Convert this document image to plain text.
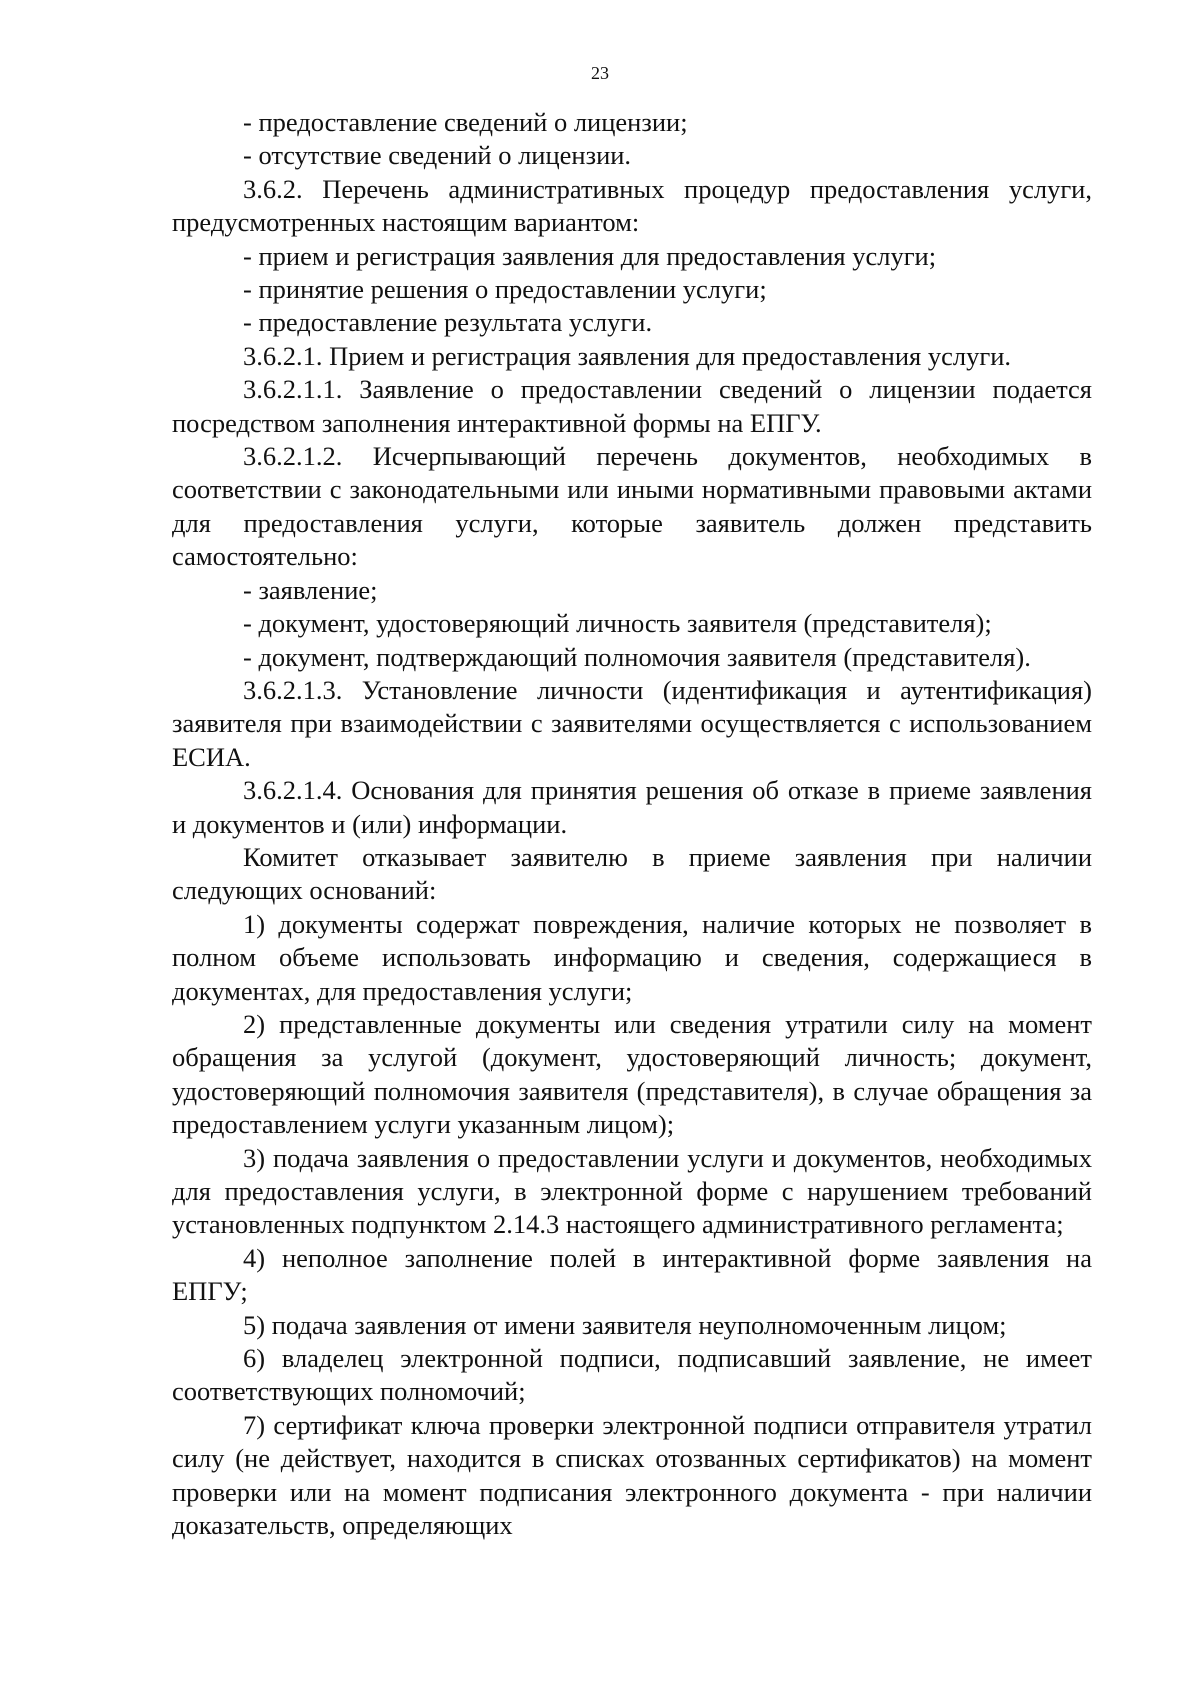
23

- предоставление сведений о лицензии;

- отсутствие сведений о лицензии.

3.6.2. Перечень административных процедур предоставления услуги, предусмотренных настоящим вариантом:

- прием и регистрация заявления для предоставления услуги;

- принятие решения о предоставлении услуги;

- предоставление результата услуги.

3.6.2.1. Прием и регистрация заявления для предоставления услуги.

3.6.2.1.1. Заявление о предоставлении сведений о лицензии подается посредством заполнения интерактивной формы на ЕПГУ.

3.6.2.1.2. Исчерпывающий перечень документов, необходимых в соответствии с законодательными или иными нормативными правовыми актами для предоставления услуги, которые заявитель должен представить самостоятельно:

- заявление;

- документ, удостоверяющий личность заявителя (представителя);

- документ, подтверждающий полномочия заявителя (представителя).

3.6.2.1.3. Установление личности (идентификация и аутентификация) заявителя при взаимодействии с заявителями осуществляется с использованием ЕСИА.

3.6.2.1.4. Основания для принятия решения об отказе в приеме заявления и документов и (или) информации.

Комитет отказывает заявителю в приеме заявления при наличии следующих оснований:

1) документы содержат повреждения, наличие которых не позволяет в полном объеме использовать информацию и сведения, содержащиеся в документах, для предоставления услуги;

2) представленные документы или сведения утратили силу на момент обращения за услугой (документ, удостоверяющий личность; документ, удостоверяющий полномочия заявителя (представителя), в случае обращения за предоставлением услуги указанным лицом);

3) подача заявления о предоставлении услуги и документов, необходимых для предоставления услуги, в электронной форме с нарушением требований установленных подпунктом 2.14.3 настоящего административного регламента;

4) неполное заполнение полей в интерактивной форме заявления на ЕПГУ;

5) подача заявления от имени заявителя неуполномоченным лицом;

6) владелец электронной подписи, подписавший заявление, не имеет соответствующих полномочий;

7) сертификат ключа проверки электронной подписи отправителя утратил силу (не действует, находится в списках отозванных сертификатов) на момент проверки или на момент подписания электронного документа - при наличии доказательств, определяющих
